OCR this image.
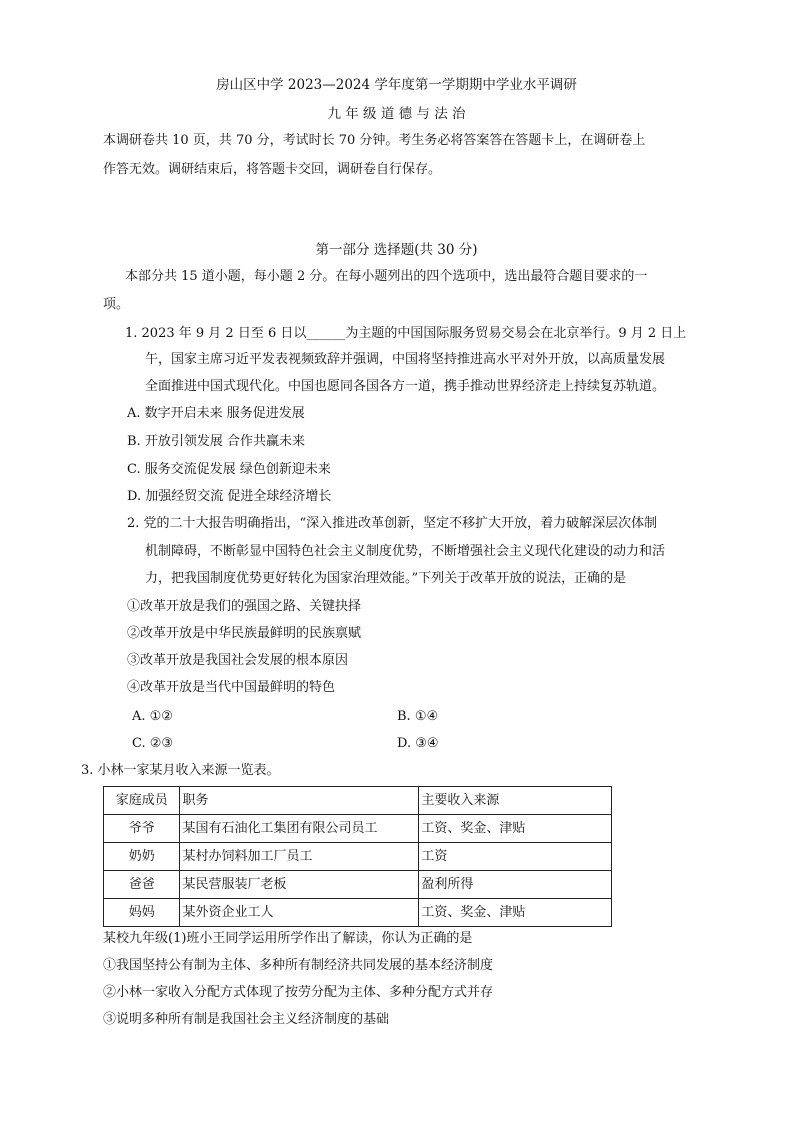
房山区中学 2023—2024 学年度第一学期期中学业水平调研
九 年 级 道 德 与 法 治
本调研卷共 10 页，共 70 分，考试时长 70 分钟。考生务必将答案答在答题卡上，在调研卷上
作答无效。调研结束后，将答题卡交回，调研卷自行保存。
第一部分 选择题(共 30 分)
本部分共 15 道小题，每小题 2 分。在每小题列出的四个选项中，选出最符合题目要求的一
项。
1. 2023 年 9 月 2 日至 6 日以______为主题的中国国际服务贸易交易会在北京举行。9 月 2 日上
午，国家主席习近平发表视频致辞并强调，中国将坚持推进高水平对外开放，以高质量发展
全面推进中国式现代化。中国也愿同各国各方一道，携手推动世界经济走上持续复苏轨道。
A. 数字开启未来 服务促进发展
B. 开放引领发展 合作共赢未来
C. 服务交流促发展 绿色创新迎未来
D. 加强经贸交流 促进全球经济增长
2. 党的二十大报告明确指出，“深入推进改革创新，坚定不移扩大开放，着力破解深层次体制
机制障碍，不断彰显中国特色社会主义制度优势，不断增强社会主义现代化建设的动力和活
力，把我国制度优势更好转化为国家治理效能。”下列关于改革开放的说法，正确的是
①改革开放是我们的强国之路、关键抉择
②改革开放是中华民族最鲜明的民族禀赋
③改革开放是我国社会发展的根本原因
④改革开放是当代中国最鲜明的特色
A. ①②	B. ①④
C. ②③	D. ③④
3. 小林一家某月收入来源一览表。
家庭成员	职务	主要收入来源
爷爷	某国有石油化工集团有限公司员工	工资、奖金、津贴
奶奶	某村办饲料加工厂员工	工资
爸爸	某民营服装厂老板	盈利所得
妈妈	某外资企业工人	工资、奖金、津贴
某校九年级(1)班小王同学运用所学作出了解读，你认为正确的是
①我国坚持公有制为主体、多种所有制经济共同发展的基本经济制度
②小林一家收入分配方式体现了按劳分配为主体、多种分配方式并存
③说明多种所有制是我国社会主义经济制度的基础
